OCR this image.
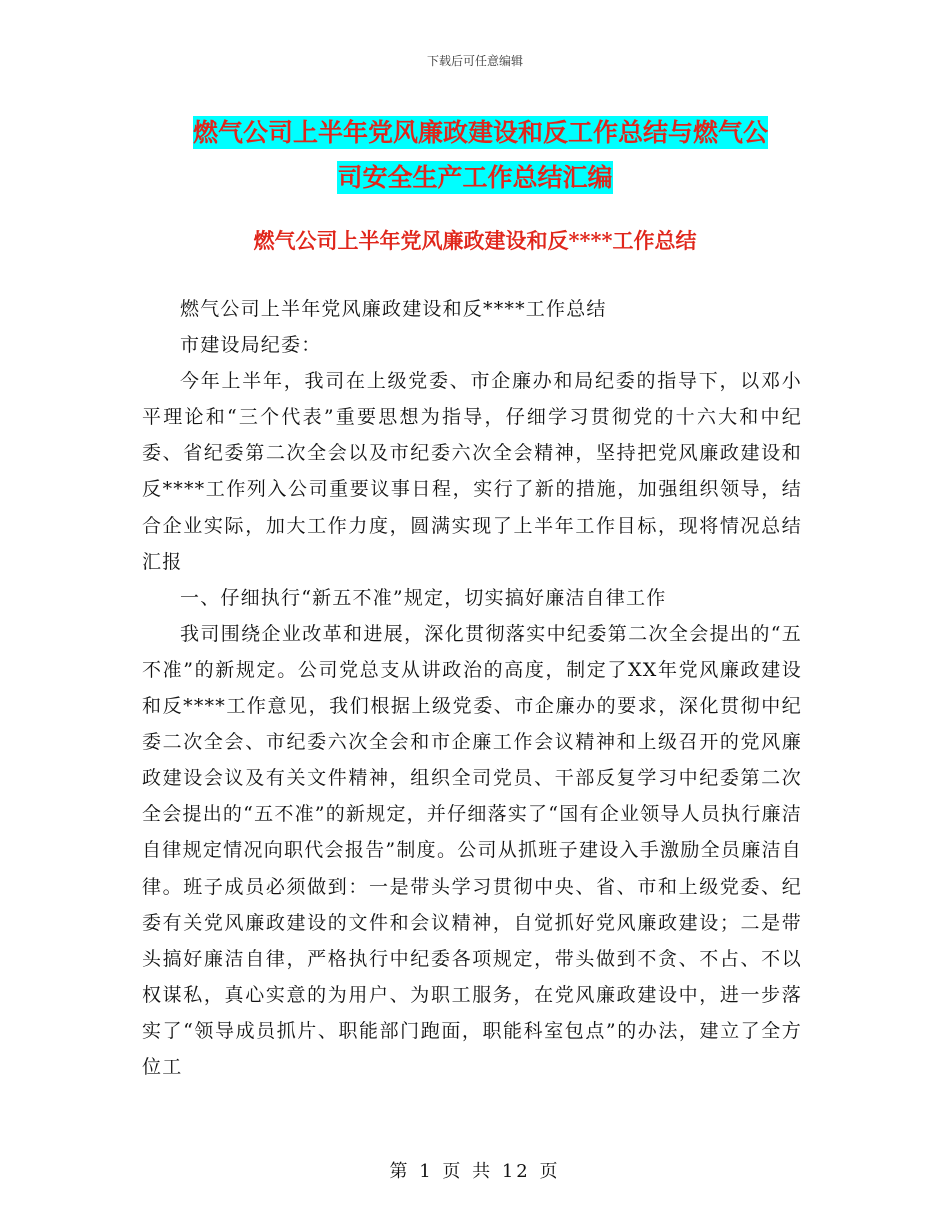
下载后可任意编辑
燃气公司上半年党风廉政建设和反工作总结与燃气公
司安全生产工作总结汇编
燃气公司上半年党风廉政建设和反****工作总结

燃气公司上半年党风廉政建设和反****工作总结

市建设局纪委：

今年上半年，我司在上级党委、市企廉办和局纪委的指导下，以邓小平理论和“三个代表”重要思想为指导，仔细学习贯彻党的十六大和中纪委、省纪委第二次全会以及市纪委六次全会精神，坚持把党风廉政建设和反****工作列入公司重要议事日程，实行了新的措施，加强组织领导，结合企业实际，加大工作力度，圆满实现了上半年工作目标，现将情况总结汇报

一、仔细执行“新五不准”规定，切实搞好廉洁自律工作

我司围绕企业改革和进展，深化贯彻落实中纪委第二次全会提出的“五不准”的新规定。公司党总支从讲政治的高度，制定了XX年党风廉政建设和反****工作意见，我们根据上级党委、市企廉办的要求，深化贯彻中纪委二次全会、市纪委六次全会和市企廉工作会议精神和上级召开的党风廉政建设会议及有关文件精神，组织全司党员、干部反复学习中纪委第二次全会提出的“五不准”的新规定，并仔细落实了“国有企业领导人员执行廉洁自律规定情况向职代会报告”制度。公司从抓班子建设入手激励全员廉洁自律。班子成员必须做到：一是带头学习贯彻中央、省、市和上级党委、纪委有关党风廉政建设的文件和会议精神，自觉抓好党风廉政建设；二是带头搞好廉洁自律，严格执行中纪委各项规定，带头做到不贪、不占、不以权谋私，真心实意的为用户、为职工服务，在党风廉政建设中，进一步落实了“领导成员抓片、职能部门跑面，职能科室包点”的办法，建立了全方位工

第 1 页 共 12 页
